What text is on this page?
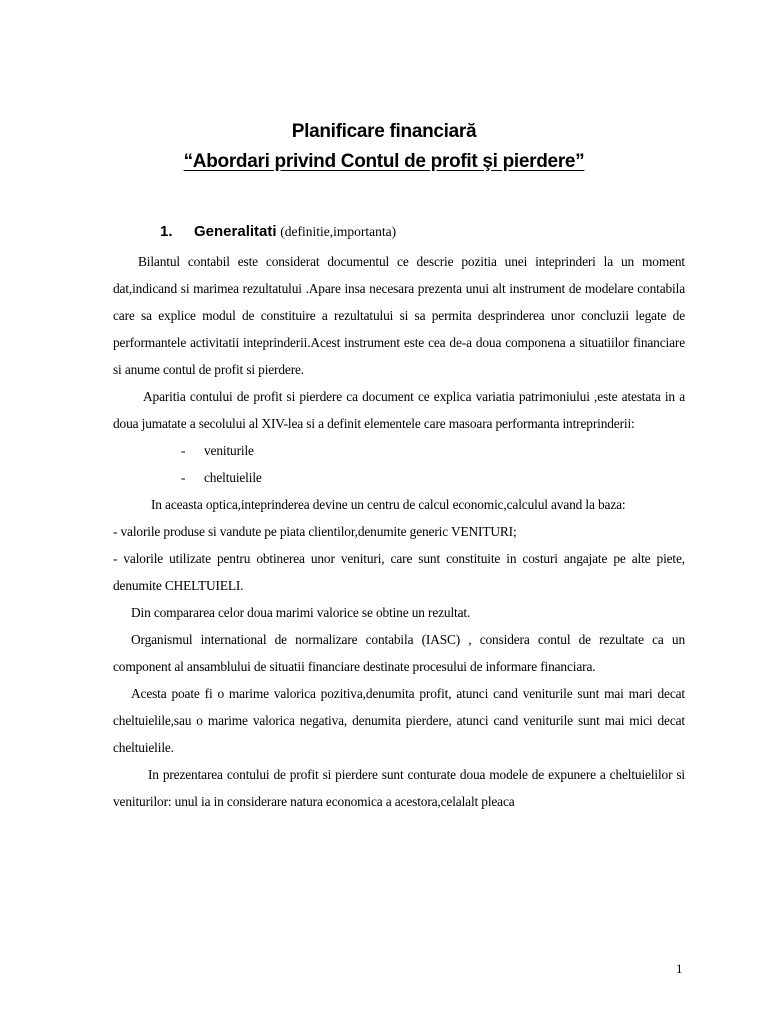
Planificare financiară
“Abordari privind Contul de profit şi pierdere”
1. Generalitati (definitie,importanta)

Bilantul contabil este considerat documentul ce descrie pozitia unei inteprinderi la un moment dat,indicand si marimea rezultatului .Apare insa necesara prezenta unui alt instrument de modelare contabila care sa explice modul de constituire a rezultatului si sa permita desprinderea unor concluzii legate de performantele activitatii inteprinderii.Acest instrument este cea de-a doua componena a situatiilor financiare si anume contul de profit si pierdere.

Aparitia contului de profit si pierdere ca document ce explica variatia patrimoniului ,este atestata in a doua jumatate a secolului al XIV-lea si a definit elementele care masoara performanta intreprinderii:

- veniturile
- cheltuielile

In aceasta optica,inteprinderea devine un centru de calcul economic,calculul avand la baza:

- valorile produse si vandute pe piata clientilor,denumite generic VENITURI;

- valorile utilizate pentru obtinerea unor venituri, care sunt constituite in costuri angajate pe alte piete, denumite CHELTUIELI.

Din compararea celor doua marimi valorice se obtine un rezultat.

Organismul international de normalizare contabila (IASC) , considera contul de rezultate ca un component al ansamblului de situatii financiare destinate procesului de informare financiara.

Acesta poate fi o marime valorica pozitiva,denumita profit, atunci cand veniturile sunt mai mari decat cheltuielile,sau o marime valorica negativa, denumita pierdere, atunci cand veniturile sunt mai mici decat cheltuielile.

In prezentarea contului de profit si pierdere sunt conturate doua modele de expunere a cheltuielilor si veniturilor: unul ia in considerare natura economica a acestora,celalalt pleaca

1
